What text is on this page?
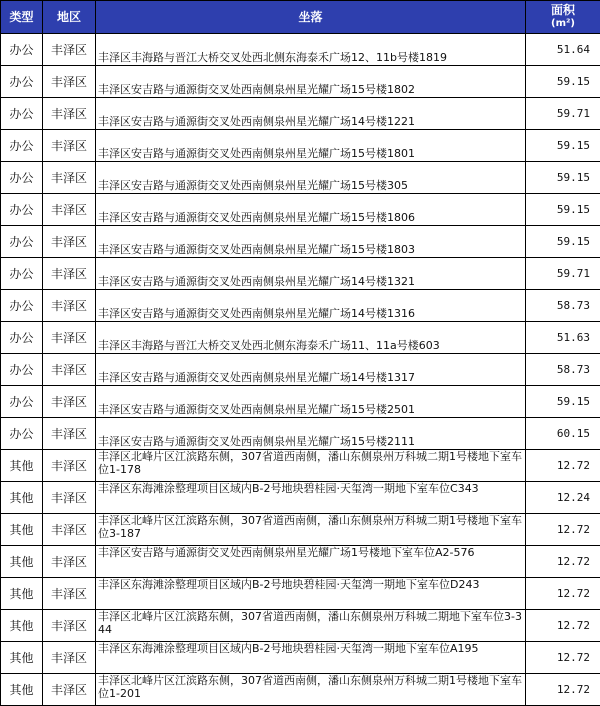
类型	地区	坐落	面积
(m²)

办公	丰泽区	丰泽区丰海路与晋江大桥交叉处西北侧东海泰禾广场12、11b号楼1819	51.64
办公	丰泽区	丰泽区安吉路与通源街交叉处西南侧泉州星光耀广场15号楼1802	59.15
办公	丰泽区	丰泽区安吉路与通源街交叉处西南侧泉州星光耀广场14号楼1221	59.71
办公	丰泽区	丰泽区安吉路与通源街交叉处西南侧泉州星光耀广场15号楼1801	59.15
办公	丰泽区	丰泽区安吉路与通源街交叉处西南侧泉州星光耀广场15号楼305	59.15
办公	丰泽区	丰泽区安吉路与通源街交叉处西南侧泉州星光耀广场15号楼1806	59.15
办公	丰泽区	丰泽区安吉路与通源街交叉处西南侧泉州星光耀广场15号楼1803	59.15
办公	丰泽区	丰泽区安吉路与通源街交叉处西南侧泉州星光耀广场14号楼1321	59.71
办公	丰泽区	丰泽区安吉路与通源街交叉处西南侧泉州星光耀广场14号楼1316	58.73
办公	丰泽区	丰泽区丰海路与晋江大桥交叉处西北侧东海泰禾广场11、11a号楼603	51.63
办公	丰泽区	丰泽区安吉路与通源街交叉处西南侧泉州星光耀广场14号楼1317	58.73
办公	丰泽区	丰泽区安吉路与通源街交叉处西南侧泉州星光耀广场15号楼2501	59.15
办公	丰泽区	丰泽区安吉路与通源街交叉处西南侧泉州星光耀广场15号楼2111	60.15
其他	丰泽区	丰泽区北峰片区江滨路东侧，307省道西南侧，潘山东侧泉州万科城二期1号楼地下室车位1-178	12.72
其他	丰泽区	丰泽区东海滩涂整理项目区域内B-2号地块碧桂园·天玺湾一期地下室车位C343	12.24
其他	丰泽区	丰泽区北峰片区江滨路东侧，307省道西南侧，潘山东侧泉州万科城二期1号楼地下室车位3-187	12.72
其他	丰泽区	丰泽区安吉路与通源街交叉处西南侧泉州星光耀广场1号楼地下室车位A2-576	12.72
其他	丰泽区	丰泽区东海滩涂整理项目区域内B-2号地块碧桂园·天玺湾一期地下室车位D243	12.72
其他	丰泽区	丰泽区北峰片区江滨路东侧，307省道西南侧，潘山东侧泉州万科城二期地下室车位3-344	12.72
其他	丰泽区	丰泽区东海滩涂整理项目区域内B-2号地块碧桂园·天玺湾一期地下室车位A195	12.72
其他	丰泽区	丰泽区北峰片区江滨路东侧，307省道西南侧，潘山东侧泉州万科城二期1号楼地下室车位1-201	12.72
